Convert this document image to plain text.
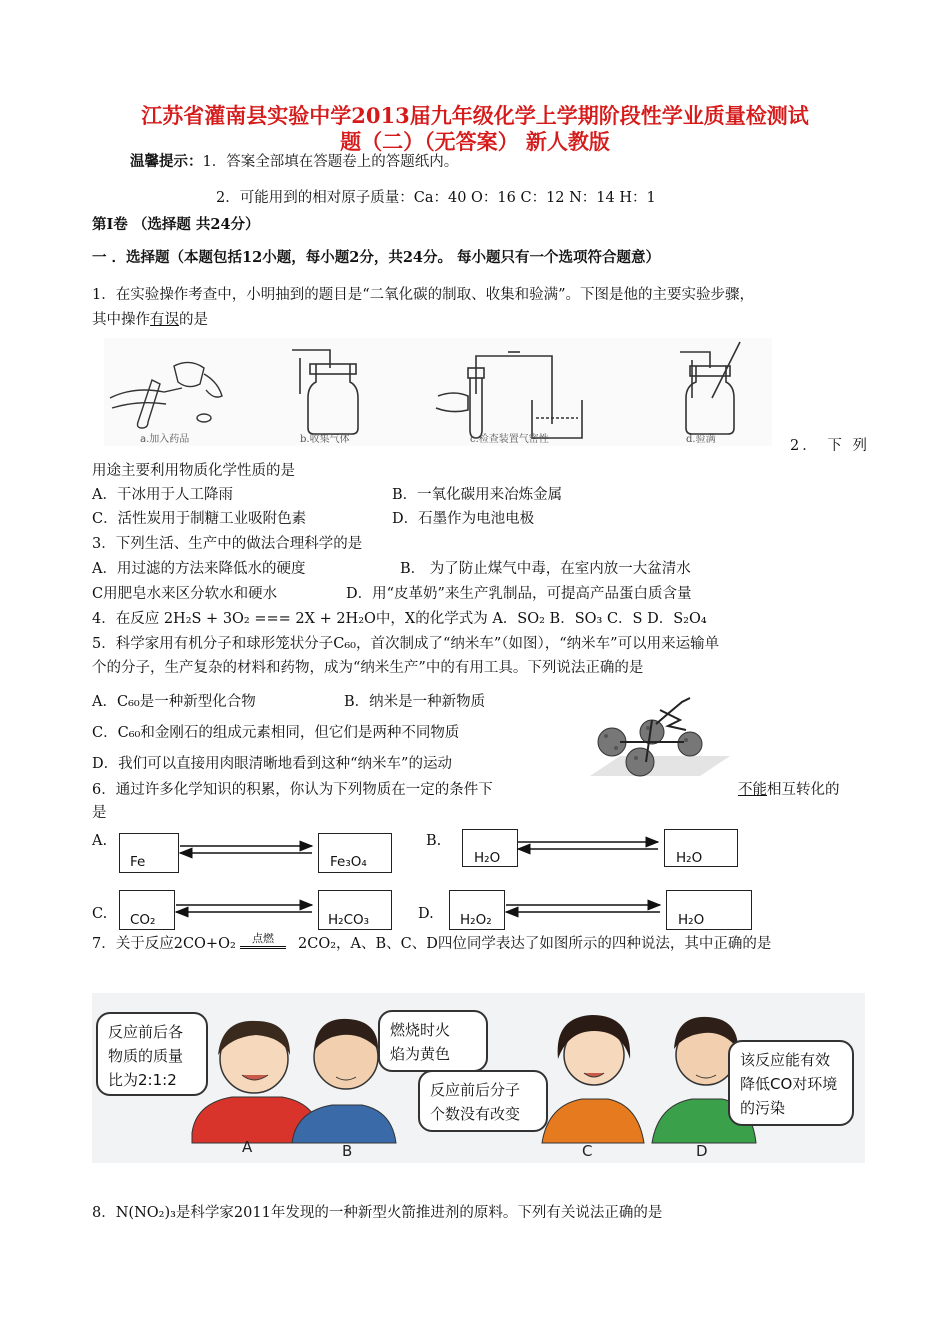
江苏省灌南县实验中学2013届九年级化学上学期阶段性学业质量检测试
题（二）（无答案） 新人教版
温馨提示：1．答案全部填在答题卷上的答题纸内。
2．可能用到的相对原子质量：Ca：40 O：16 C：12 N：14 H：1
第Ⅰ卷 （选择题 共24分）
一 ．选择题（本题包括12小题，每小题2分，共24分。 每小题只有一个选项符合题意）
1．在实验操作考查中，小明抽到的题目是“二氧化碳的制取、收集和验满”。下图是他的主要实验步骤，
其中操作有误的是
a.加入药品	b.收集气体	c.检查装置气密性	d.验满	2． 下 列
用途主要利用物质化学性质的是
A．干冰用于人工降雨	B．一氧化碳用来冶炼金属
C．活性炭用于制糖工业吸附色素	D．石墨作为电池电极
3．下列生活、生产中的做法合理科学的是
A．用过滤的方法来降低水的硬度	B． 为了防止煤气中毒，在室内放一大盆清水
C用肥皂水来区分软水和硬水	D．用“皮革奶”来生产乳制品，可提高产品蛋白质含量
4．在反应 2H₂S + 3O₂ === 2X + 2H₂O中，X的化学式为 A．SO₂ B．SO₃ C．S D．S₂O₄
5．科学家用有机分子和球形笼状分子C₆₀，首次制成了“纳米车”（如图），“纳米车”可以用来运输单
个的分子，生产复杂的材料和药物，成为“纳米生产”中的有用工具。下列说法正确的是
A．C₆₀是一种新型化合物	B．纳米是一种新物质
C．C₆₀和金刚石的组成元素相同，但它们是两种不同物质
D．我们可以直接用肉眼清晰地看到这种“纳米车”的运动
6．通过许多化学知识的积累，你认为下列物质在一定的条件下	不能相互转化的
是
A.
Fe	Fe₃O₄
B.
H₂O	H₂O
C. CO₂	H₂CO₃	D. H₂O₂	H₂O
7．关于反应2CO+O₂	点燃	2CO₂，A、B、C、D四位同学表达了如图所示的四种说法，其中正确的是
反应前后各
物质的质量
比为2:1:2
燃烧时火
焰为黄色
反应前后分子
个数没有改变
该反应能有效
降低CO对环境
的污染
A	B	C	D
8．N(NO₂)₃是科学家2011年发现的一种新型火箭推进剂的原料。下列有关说法正确的是
